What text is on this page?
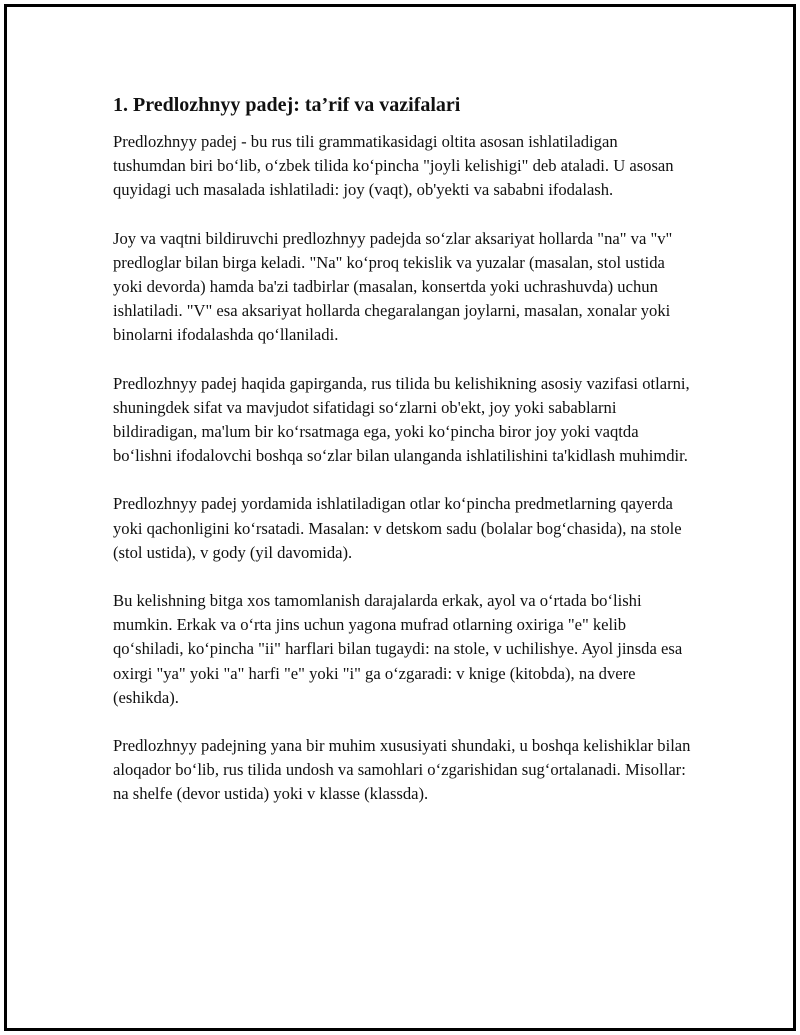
1. Predlozhnyy padej: ta’rif va vazifalari

Predlozhnyy padej - bu rus tili grammatikasidagi oltita asosan ishlatiladigan tushumdan biri bo‘lib, o‘zbek tilida ko‘pincha "joyli kelishigi" deb ataladi. U asosan quyidagi uch masalada ishlatiladi: joy (vaqt), ob'yekti va sababni ifodalash.

Joy va vaqtni bildiruvchi predlozhnyy padejda so‘zlar aksariyat hollarda "na" va "v" predloglar bilan birga keladi. "Na" ko‘proq tekislik va yuzalar (masalan, stol ustida yoki devorda) hamda ba'zi tadbirlar (masalan, konsertda yoki uchrashuvda) uchun ishlatiladi. "V" esa aksariyat hollarda chegaralangan joylarni, masalan, xonalar yoki binolarni ifodalashda qo‘llaniladi.

Predlozhnyy padej haqida gapirganda, rus tilida bu kelishikning asosiy vazifasi otlarni, shuningdek sifat va mavjudot sifatidagi so‘zlarni ob'ekt, joy yoki sabablarni bildiradigan, ma'lum bir ko‘rsatmaga ega, yoki ko‘pincha biror joy yoki vaqtda bo‘lishni ifodalovchi boshqa so‘zlar bilan ulanganda ishlatilishini ta'kidlash muhimdir.

Predlozhnyy padej yordamida ishlatiladigan otlar ko‘pincha predmetlarning qayerda yoki qachonligini ko‘rsatadi. Masalan: v detskom sadu (bolalar bog‘chasida), na stole (stol ustida), v gody (yil davomida).

Bu kelishning bitga xos tamomlanish darajalarda erkak, ayol va o‘rtada bo‘lishi mumkin. Erkak va o‘rta jins uchun yagona mufrad otlarning oxiriga "e" kelib qo‘shiladi, ko‘pincha "ii" harflari bilan tugaydi: na stole, v uchilishye. Ayol jinsda esa oxirgi "ya" yoki "a" harfi "e" yoki "i" ga o‘zgaradi: v knige (kitobda), na dvere (eshikda).

Predlozhnyy padejning yana bir muhim xususiyati shundaki, u boshqa kelishiklar bilan aloqador bo‘lib, rus tilida undosh va samohlari o‘zgarishidan sug‘ortalanadi. Misollar: na shelfe (devor ustida) yoki v klasse (klassda).
